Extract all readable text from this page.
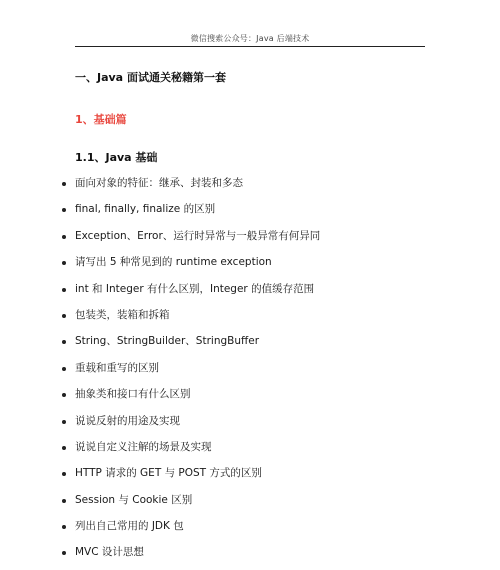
微信搜索公众号：Java 后端技术
一、Java 面试通关秘籍第一套
1、基础篇
1.1、Java 基础
面向对象的特征：继承、封装和多态
final, finally, finalize 的区别
Exception、Error、运行时异常与一般异常有何异同
请写出 5 种常见到的 runtime exception
int 和 Integer 有什么区别，Integer 的值缓存范围
包装类，装箱和拆箱
String、StringBuilder、StringBuffer
重载和重写的区别
抽象类和接口有什么区别
说说反射的用途及实现
说说自定义注解的场景及实现
HTTP 请求的 GET 与 POST 方式的区别
Session 与 Cookie 区别
列出自己常用的 JDK 包
MVC 设计思想
